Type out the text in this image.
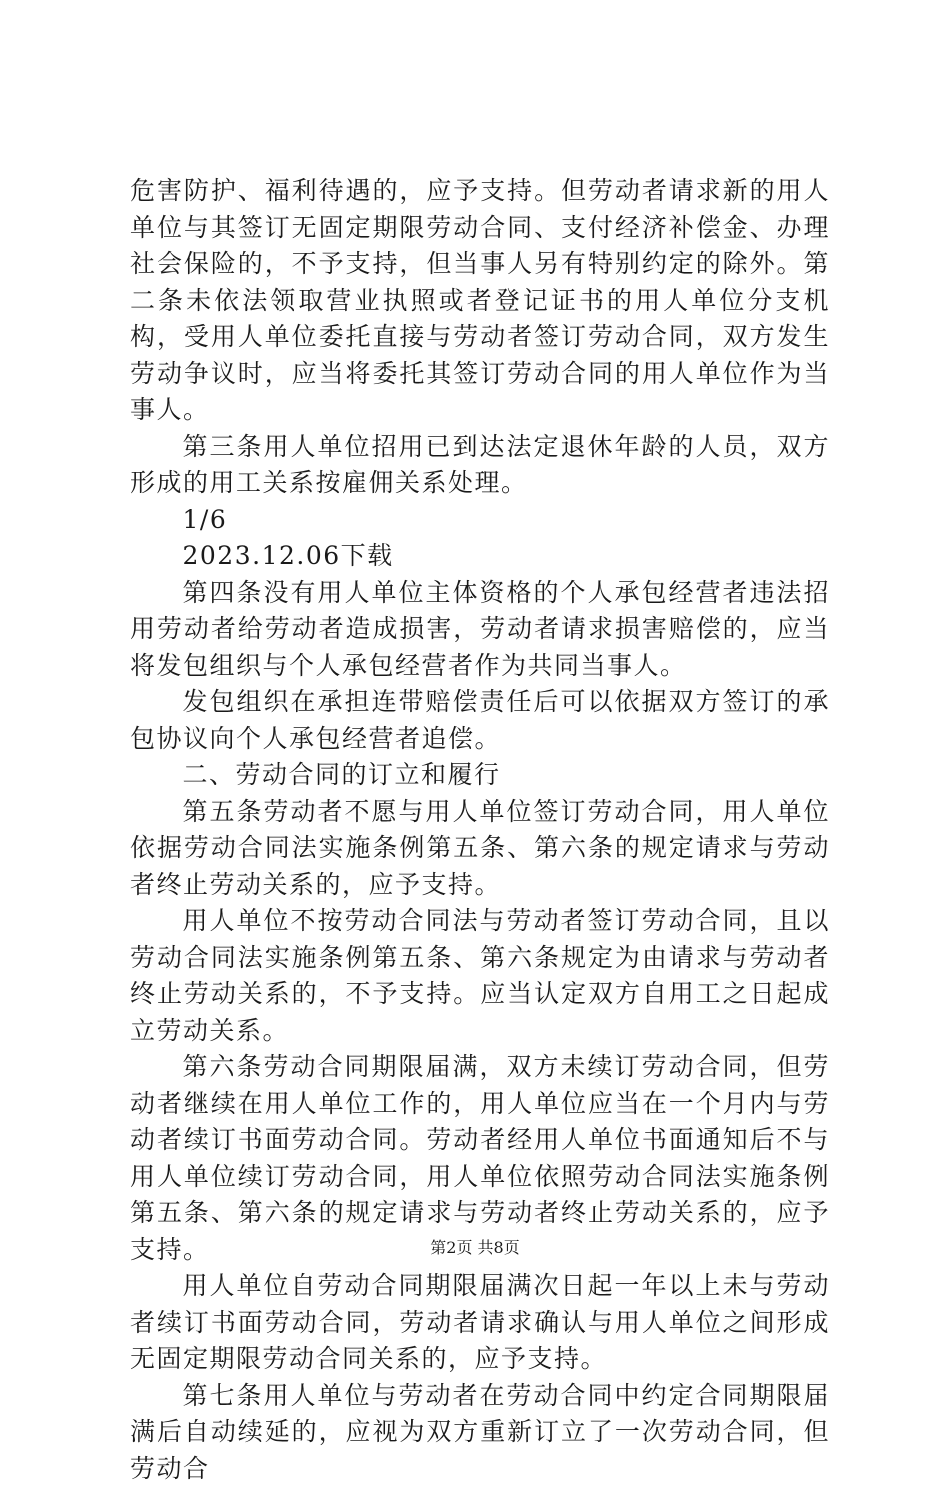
危害防护、福利待遇的，应予支持。但劳动者请求新的用人单位与其签订无固定期限劳动合同、支付经济补偿金、办理社会保险的，不予支持，但当事人另有特别约定的除外。第二条未依法领取营业执照或者登记证书的用人单位分支机构，受用人单位委托直接与劳动者签订劳动合同，双方发生劳动争议时，应当将委托其签订劳动合同的用人单位作为当事人。

第三条用人单位招用已到达法定退休年龄的人员，双方形成的用工关系按雇佣关系处理。

1/6

2023.12.06下载

第四条没有用人单位主体资格的个人承包经营者违法招用劳动者给劳动者造成损害，劳动者请求损害赔偿的，应当将发包组织与个人承包经营者作为共同当事人。

发包组织在承担连带赔偿责任后可以依据双方签订的承包协议向个人承包经营者追偿。

二、劳动合同的订立和履行

第五条劳动者不愿与用人单位签订劳动合同，用人单位依据劳动合同法实施条例第五条、第六条的规定请求与劳动者终止劳动关系的，应予支持。

用人单位不按劳动合同法与劳动者签订劳动合同，且以劳动合同法实施条例第五条、第六条规定为由请求与劳动者终止劳动关系的，不予支持。应当认定双方自用工之日起成立劳动关系。

第六条劳动合同期限届满，双方未续订劳动合同，但劳动者继续在用人单位工作的，用人单位应当在一个月内与劳动者续订书面劳动合同。劳动者经用人单位书面通知后不与用人单位续订劳动合同，用人单位依照劳动合同法实施条例第五条、第六条的规定请求与劳动者终止劳动关系的，应予支持。

用人单位自劳动合同期限届满次日起一年以上未与劳动者续订书面劳动合同，劳动者请求确认与用人单位之间形成无固定期限劳动合同关系的，应予支持。

第七条用人单位与劳动者在劳动合同中约定合同期限届满后自动续延的，应视为双方重新订立了一次劳动合同，但劳动合

第2页 共8页
